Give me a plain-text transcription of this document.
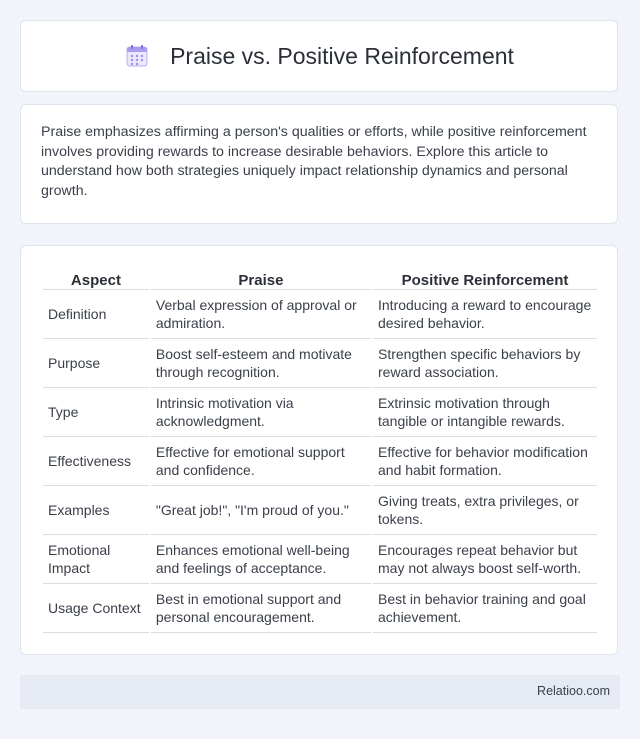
Praise vs. Positive Reinforcement

Praise emphasizes affirming a person's qualities or efforts, while positive reinforcement involves providing rewards to increase desirable behaviors. Explore this article to understand how both strategies uniquely impact relationship dynamics and personal growth.

Aspect	Praise	Positive Reinforcement
Definition	Verbal expression of approval or admiration.	Introducing a reward to encourage desired behavior.
Purpose	Boost self-esteem and motivate through recognition.	Strengthen specific behaviors by reward association.
Type	Intrinsic motivation via acknowledgment.	Extrinsic motivation through tangible or intangible rewards.
Effectiveness	Effective for emotional support and confidence.	Effective for behavior modification and habit formation.
Examples	"Great job!", "I'm proud of you."	Giving treats, extra privileges, or tokens.
Emotional Impact	Enhances emotional well-being and feelings of acceptance.	Encourages repeat behavior but may not always boost self-worth.
Usage Context	Best in emotional support and personal encouragement.	Best in behavior training and goal achievement.
Relatioo.com
